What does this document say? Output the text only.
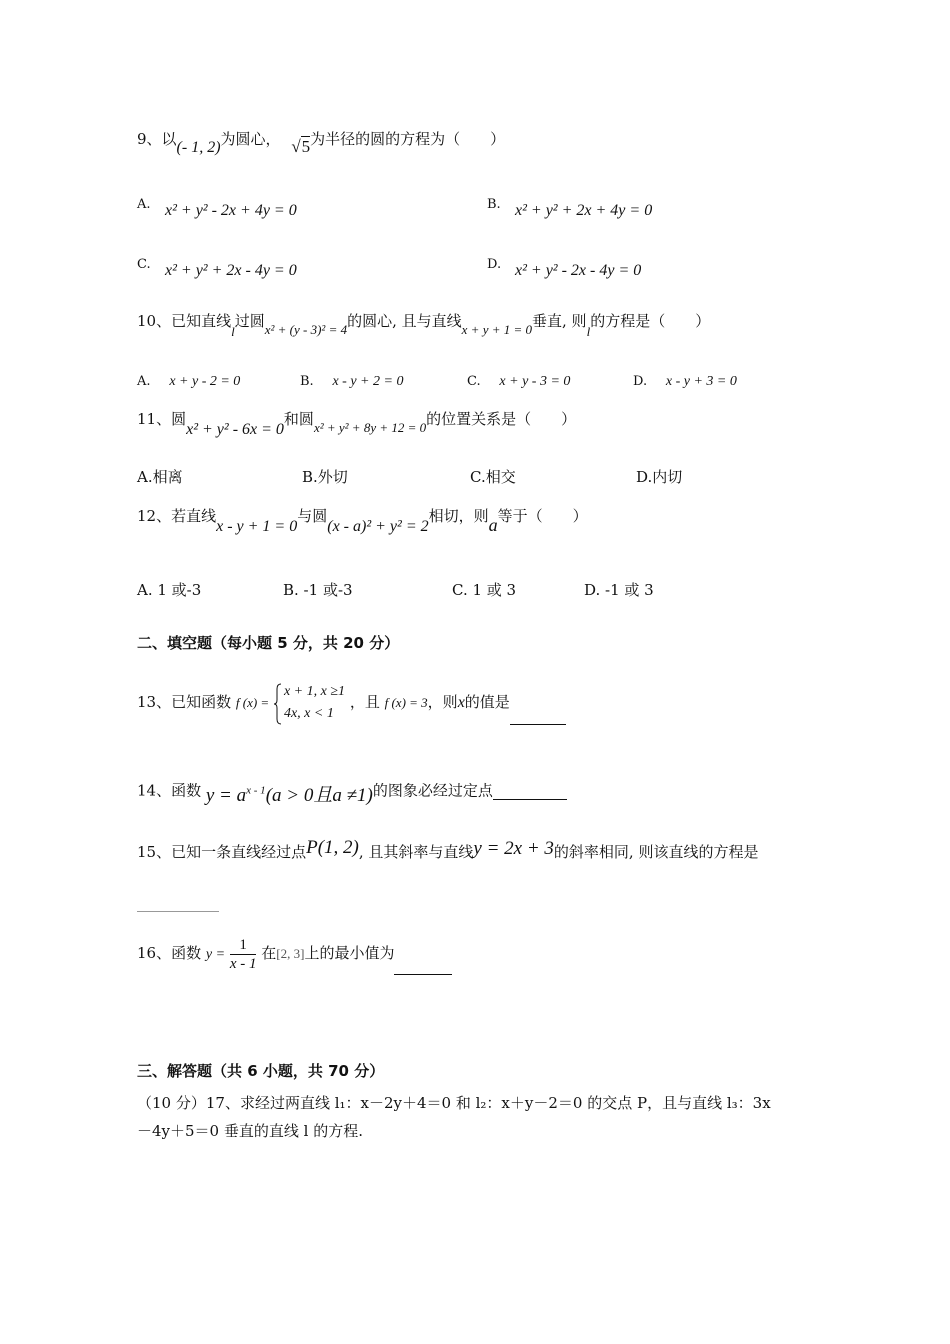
9、以(- 1, 2)为圆心， √5为半径的圆的方程为（　　）
A. x² + y² - 2x + 4y = 0	B. x² + y² + 2x + 4y = 0
C. x² + y² + 2x - 4y = 0	D. x² + y² - 2x - 4y = 0
10、已知直线l过圆x² + (y - 3)² = 4的圆心, 且与直线x + y + 1 = 0垂直, 则l的方程是（　　）
A. x + y - 2 = 0	B. x - y + 2 = 0	C. x + y - 3 = 0	D. x - y + 3 = 0
11、圆x² + y² - 6x = 0和圆x² + y² + 8y + 12 = 0的位置关系是（　　）
A.相离	B.外切	C.相交	D.内切
12、若直线x - y + 1 = 0与圆(x - a)² + y² = 2相切，则a等于（　　）
A. 1 或-3	B. -1 或-3	C. 1 或 3	D. -1 或 3
二、填空题（每小题 5 分，共 20 分）
13、已知函数 f (x) =
x + 1, x ≥1
4x, x < 1
，且 f (x) = 3，则x的值是
14、函数 $y = a^{x - 1}(a > 0$且a ≠1)的图象必经过定点
15、已知一条直线经过点P(1, 2), 且其斜率与直线y = 2x + 3的斜率相同, 则该直线的方程是
16、函数 $y = \frac{1}{x - 1}$ 在[2, 3]上的最小值为
三、解答题（共 6 小题，共 70 分）
（10 分）17、求经过两直线 l₁：x－2y＋4＝0 和 l₂：x＋y－2＝0 的交点 P，且与直线 l₃：3x
－4y＋5＝0 垂直的直线 l 的方程.
